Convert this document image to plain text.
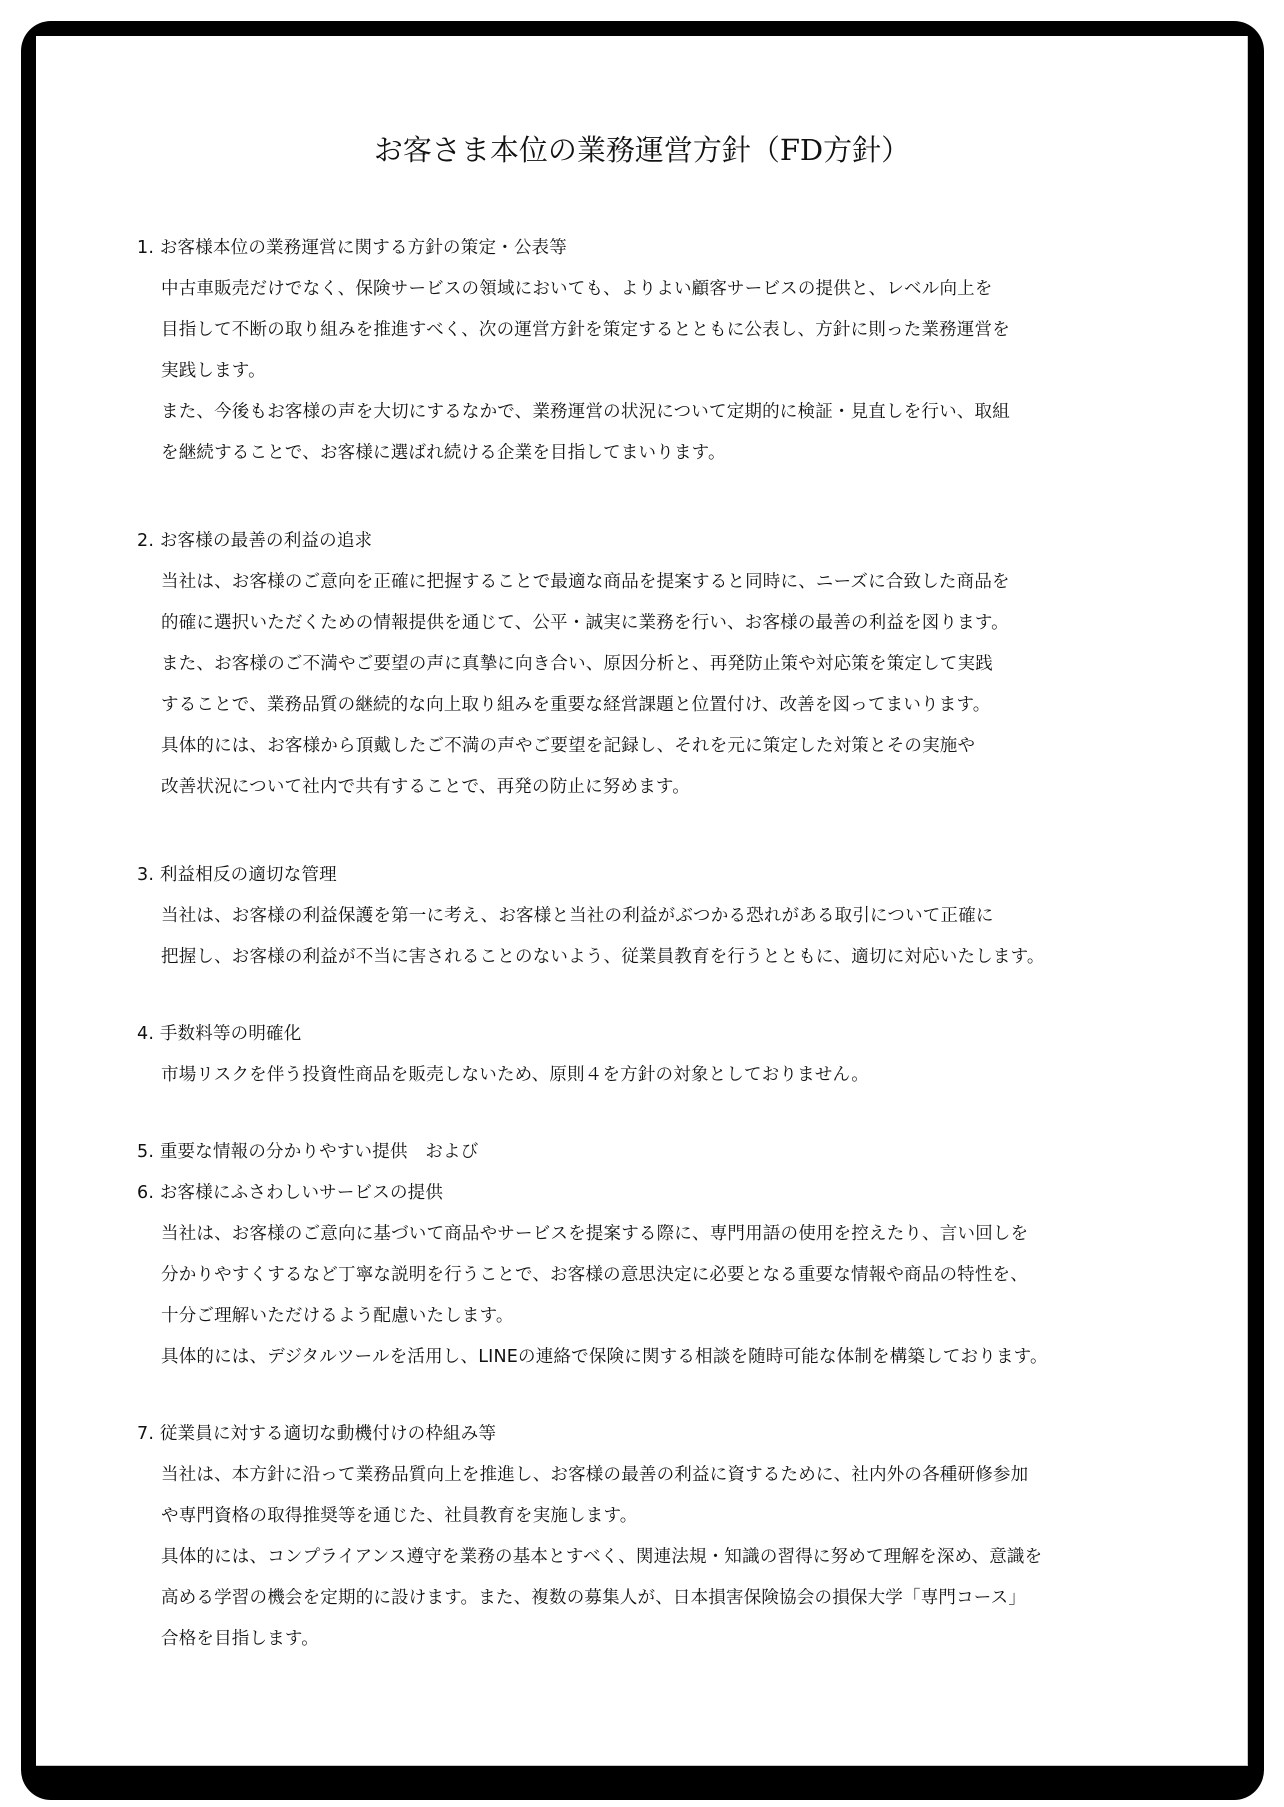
お客さま本位の業務運営方針（FD方針）
1. お客様本位の業務運営に関する方針の策定・公表等
中古車販売だけでなく、保険サービスの領域においても、よりよい顧客サービスの提供と、レベル向上を
目指して不断の取り組みを推進すべく、次の運営方針を策定するとともに公表し、方針に則った業務運営を
実践します。
また、今後もお客様の声を大切にするなかで、業務運営の状況について定期的に検証・見直しを行い、取組
を継続することで、お客様に選ばれ続ける企業を目指してまいります。
2. お客様の最善の利益の追求
当社は、お客様のご意向を正確に把握することで最適な商品を提案すると同時に、ニーズに合致した商品を
的確に選択いただくための情報提供を通じて、公平・誠実に業務を行い、お客様の最善の利益を図ります。
また、お客様のご不満やご要望の声に真摯に向き合い、原因分析と、再発防止策や対応策を策定して実践
することで、業務品質の継続的な向上取り組みを重要な経営課題と位置付け、改善を図ってまいります。
具体的には、お客様から頂戴したご不満の声やご要望を記録し、それを元に策定した対策とその実施や
改善状況について社内で共有することで、再発の防止に努めます。
3. 利益相反の適切な管理
当社は、お客様の利益保護を第一に考え、お客様と当社の利益がぶつかる恐れがある取引について正確に
把握し、お客様の利益が不当に害されることのないよう、従業員教育を行うとともに、適切に対応いたします。
4. 手数料等の明確化
市場リスクを伴う投資性商品を販売しないため、原則４を方針の対象としておりません。
5. 重要な情報の分かりやすい提供　および
6. お客様にふさわしいサービスの提供
当社は、お客様のご意向に基づいて商品やサービスを提案する際に、専門用語の使用を控えたり、言い回しを
分かりやすくするなど丁寧な説明を行うことで、お客様の意思決定に必要となる重要な情報や商品の特性を、
十分ご理解いただけるよう配慮いたします。
具体的には、デジタルツールを活用し、LINEの連絡で保険に関する相談を随時可能な体制を構築しております。
7. 従業員に対する適切な動機付けの枠組み等
当社は、本方針に沿って業務品質向上を推進し、お客様の最善の利益に資するために、社内外の各種研修参加
や専門資格の取得推奨等を通じた、社員教育を実施します。
具体的には、コンプライアンス遵守を業務の基本とすべく、関連法規・知識の習得に努めて理解を深め、意識を
高める学習の機会を定期的に設けます。また、複数の募集人が、日本損害保険協会の損保大学「専門コース」
合格を目指します。
